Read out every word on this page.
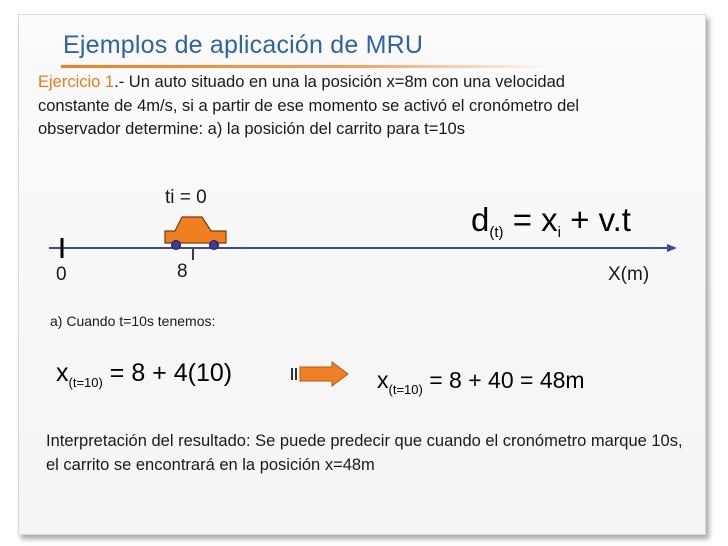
Ejemplos de aplicación de MRU
Ejercicio 1.- Un auto situado en una la posición x=8m con una velocidad constante de 4m/s, si a partir de ese momento se activó el cronómetro del observador determine: a) la posición del carrito para t=10s
$d_{(t)} = x_i + v.t$
ti = 0
0	8	X(m)
a) Cuando t=10s tenemos:
$x_{(t=10)} = 8 + 4(10)$	$x_{(t=10)} = 8 + 40 = 48m$
Interpretación del resultado: Se puede predecir que cuando el cronómetro marque 10s, el carrito se encontrará en la posición x=48m
